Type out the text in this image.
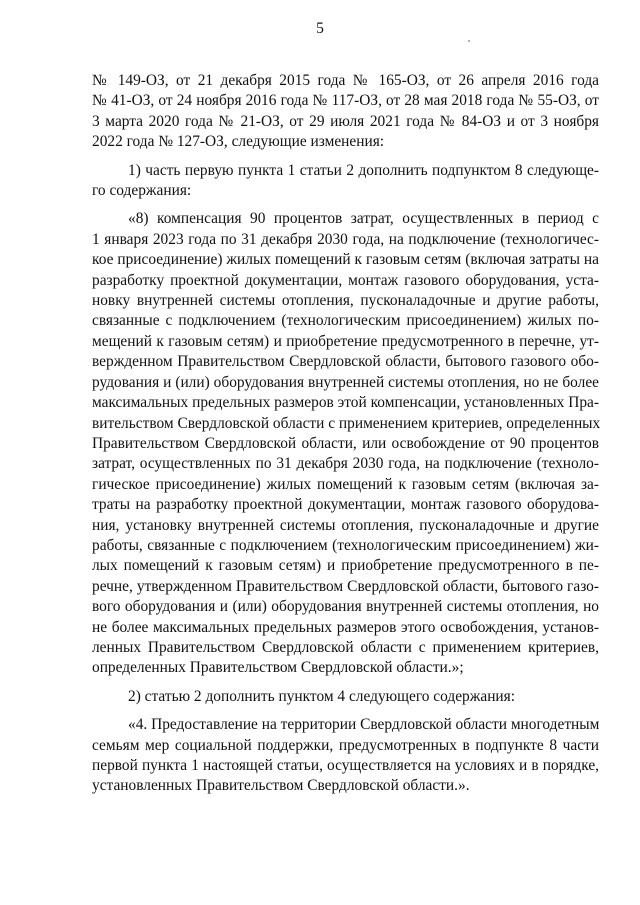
5
№ 149-ОЗ, от 21 декабря 2015 года № 165-ОЗ, от 26 апреля 2016 года
№ 41-ОЗ, от 24 ноября 2016 года № 117-ОЗ, от 28 мая 2018 года № 55-ОЗ, от
3 марта 2020 года № 21-ОЗ, от 29 июля 2021 года № 84-ОЗ и от 3 ноября
2022 года № 127-ОЗ, следующие изменения:
1) часть первую пункта 1 статьи 2 дополнить подпунктом 8 следующе-
го содержания:
«8) компенсация 90 процентов затрат, осуществленных в период с
1 января 2023 года по 31 декабря 2030 года, на подключение (технологичес-
кое присоединение) жилых помещений к газовым сетям (включая затраты на
разработку проектной документации, монтаж газового оборудования, уста-
новку внутренней системы отопления, пусконаладочные и другие работы,
связанные с подключением (технологическим присоединением) жилых по-
мещений к газовым сетям) и приобретение предусмотренного в перечне, ут-
вержденном Правительством Свердловской области, бытового газового обо-
рудования и (или) оборудования внутренней системы отопления, но не более
максимальных предельных размеров этой компенсации, установленных Пра-
вительством Свердловской области с применением критериев, определенных
Правительством Свердловской области, или освобождение от 90 процентов
затрат, осуществленных по 31 декабря 2030 года, на подключение (техноло-
гическое присоединение) жилых помещений к газовым сетям (включая за-
траты на разработку проектной документации, монтаж газового оборудова-
ния, установку внутренней системы отопления, пусконаладочные и другие
работы, связанные с подключением (технологическим присоединением) жи-
лых помещений к газовым сетям) и приобретение предусмотренного в пе-
речне, утвержденном Правительством Свердловской области, бытового газо-
вого оборудования и (или) оборудования внутренней системы отопления, но
не более максимальных предельных размеров этого освобождения, установ-
ленных Правительством Свердловской области с применением критериев,
определенных Правительством Свердловской области.»;
2) статью 2 дополнить пунктом 4 следующего содержания:
«4. Предоставление на территории Свердловской области многодетным
семьям мер социальной поддержки, предусмотренных в подпункте 8 части
первой пункта 1 настоящей статьи, осуществляется на условиях и в порядке,
установленных Правительством Свердловской области.».
